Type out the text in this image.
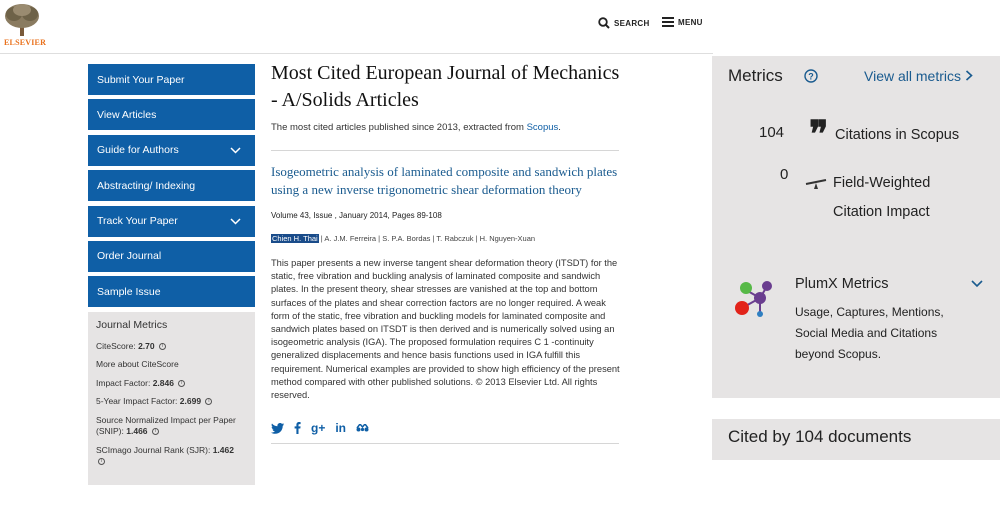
ELSEVIER
SEARCH	MENU
Submit Your Paper
View Articles
Guide for Authors
Abstracting/ Indexing
Track Your Paper
Order Journal
Sample Issue
Journal Metrics
CiteScore: 2.70 i
More about CiteScore
Impact Factor: 2.846 i
5-Year Impact Factor: 2.699 i
Source Normalized Impact per Paper (SNIP): 1.466 i
SCImago Journal Rank (SJR): 1.462
i
Most Cited European Journal of Mechanics - A/Solids Articles
The most cited articles published since 2013, extracted from Scopus.
Isogeometric analysis of laminated composite and sandwich plates using a new inverse trigonometric shear deformation theory
Volume 43, Issue , January 2014, Pages 89-108
Chien H. Thai | A. J.M. Ferreira | S. P.A. Bordas | T. Rabczuk | H. Nguyen-Xuan

This paper presents a new inverse tangent shear deformation theory (ITSDT) for the static, free vibration and buckling analysis of laminated composite and sandwich plates. In the present theory, shear stresses are vanished at the top and bottom surfaces of the plates and shear correction factors are no longer required. A weak form of the static, free vibration and buckling models for laminated composite and sandwich plates based on ITSDT is then derived and is numerically solved using an isogeometric analysis (IGA). The proposed formulation requires C 1 -continuity generalized displacements and hence basis functions used in IGA fulfill this requirement. Numerical examples are provided to show high efficiency of the present method compared with other published solutions. © 2013 Elsevier Ltd. All rights reserved.

g+ in
Metrics	?	View all metrics
104 ❞ Citations in Scopus
0	Field-Weighted Citation Impact
PlumX Metrics
Usage, Captures, Mentions, Social Media and Citations beyond Scopus.
Cited by 104 documents
